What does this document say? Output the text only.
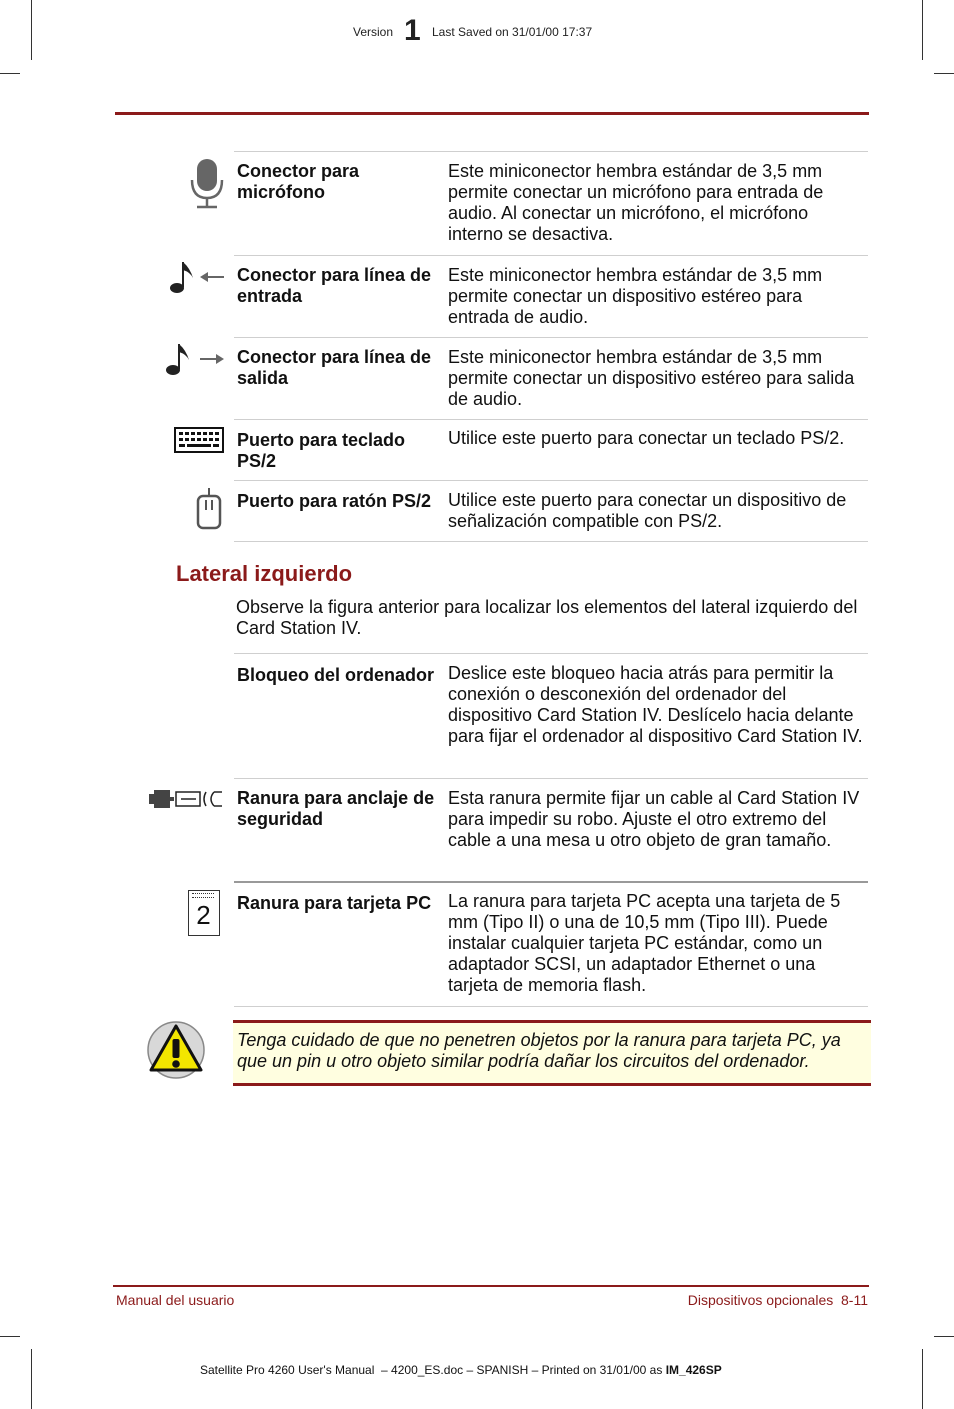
Version 1 Last Saved on 31/01/00 17:37
Conector para micrófono
Este miniconector hembra estándar de 3,5 mm permite conectar un micrófono para entrada de audio. Al conectar un micrófono, el micrófono interno se desactiva.
Conector para línea de entrada
Este miniconector hembra estándar de 3,5 mm permite conectar un dispositivo estéreo para entrada de audio.
Conector para línea de salida
Este miniconector hembra estándar de 3,5 mm permite conectar un dispositivo estéreo para salida de audio.
Puerto para teclado PS/2
Utilice este puerto para conectar un teclado PS/2.
Puerto para ratón PS/2 Utilice este puerto para conectar un dispositivo de señalización compatible con PS/2.
Lateral izquierdo
Observe la figura anterior para localizar los elementos del lateral izquierdo del Card Station IV.
Bloqueo del ordenador Deslice este bloqueo hacia atrás para permitir la conexión o desconexión del ordenador del dispositivo Card Station IV. Deslícelo hacia delante para fijar el ordenador al dispositivo Card Station IV.
Ranura para anclaje de seguridad
Esta ranura permite fijar un cable al Card Station IV para impedir su robo. Ajuste el otro extremo del cable a una mesa u otro objeto de gran tamaño.
2	Ranura para tarjeta PC La ranura para tarjeta PC acepta una tarjeta de 5 mm (Tipo II) o una de 10,5 mm (Tipo III). Puede instalar cualquier tarjeta PC estándar, como un adaptador SCSI, un adaptador Ethernet o una tarjeta de memoria flash.
Tenga cuidado de que no penetren objetos por la ranura para tarjeta PC, ya que un pin u otro objeto similar podría dañar los circuitos del ordenador.
Manual del usuario	Dispositivos opcionales  8-11
Satellite Pro 4260 User's Manual  – 4200_ES.doc – SPANISH – Printed on 31/01/00 as IM_426SP
